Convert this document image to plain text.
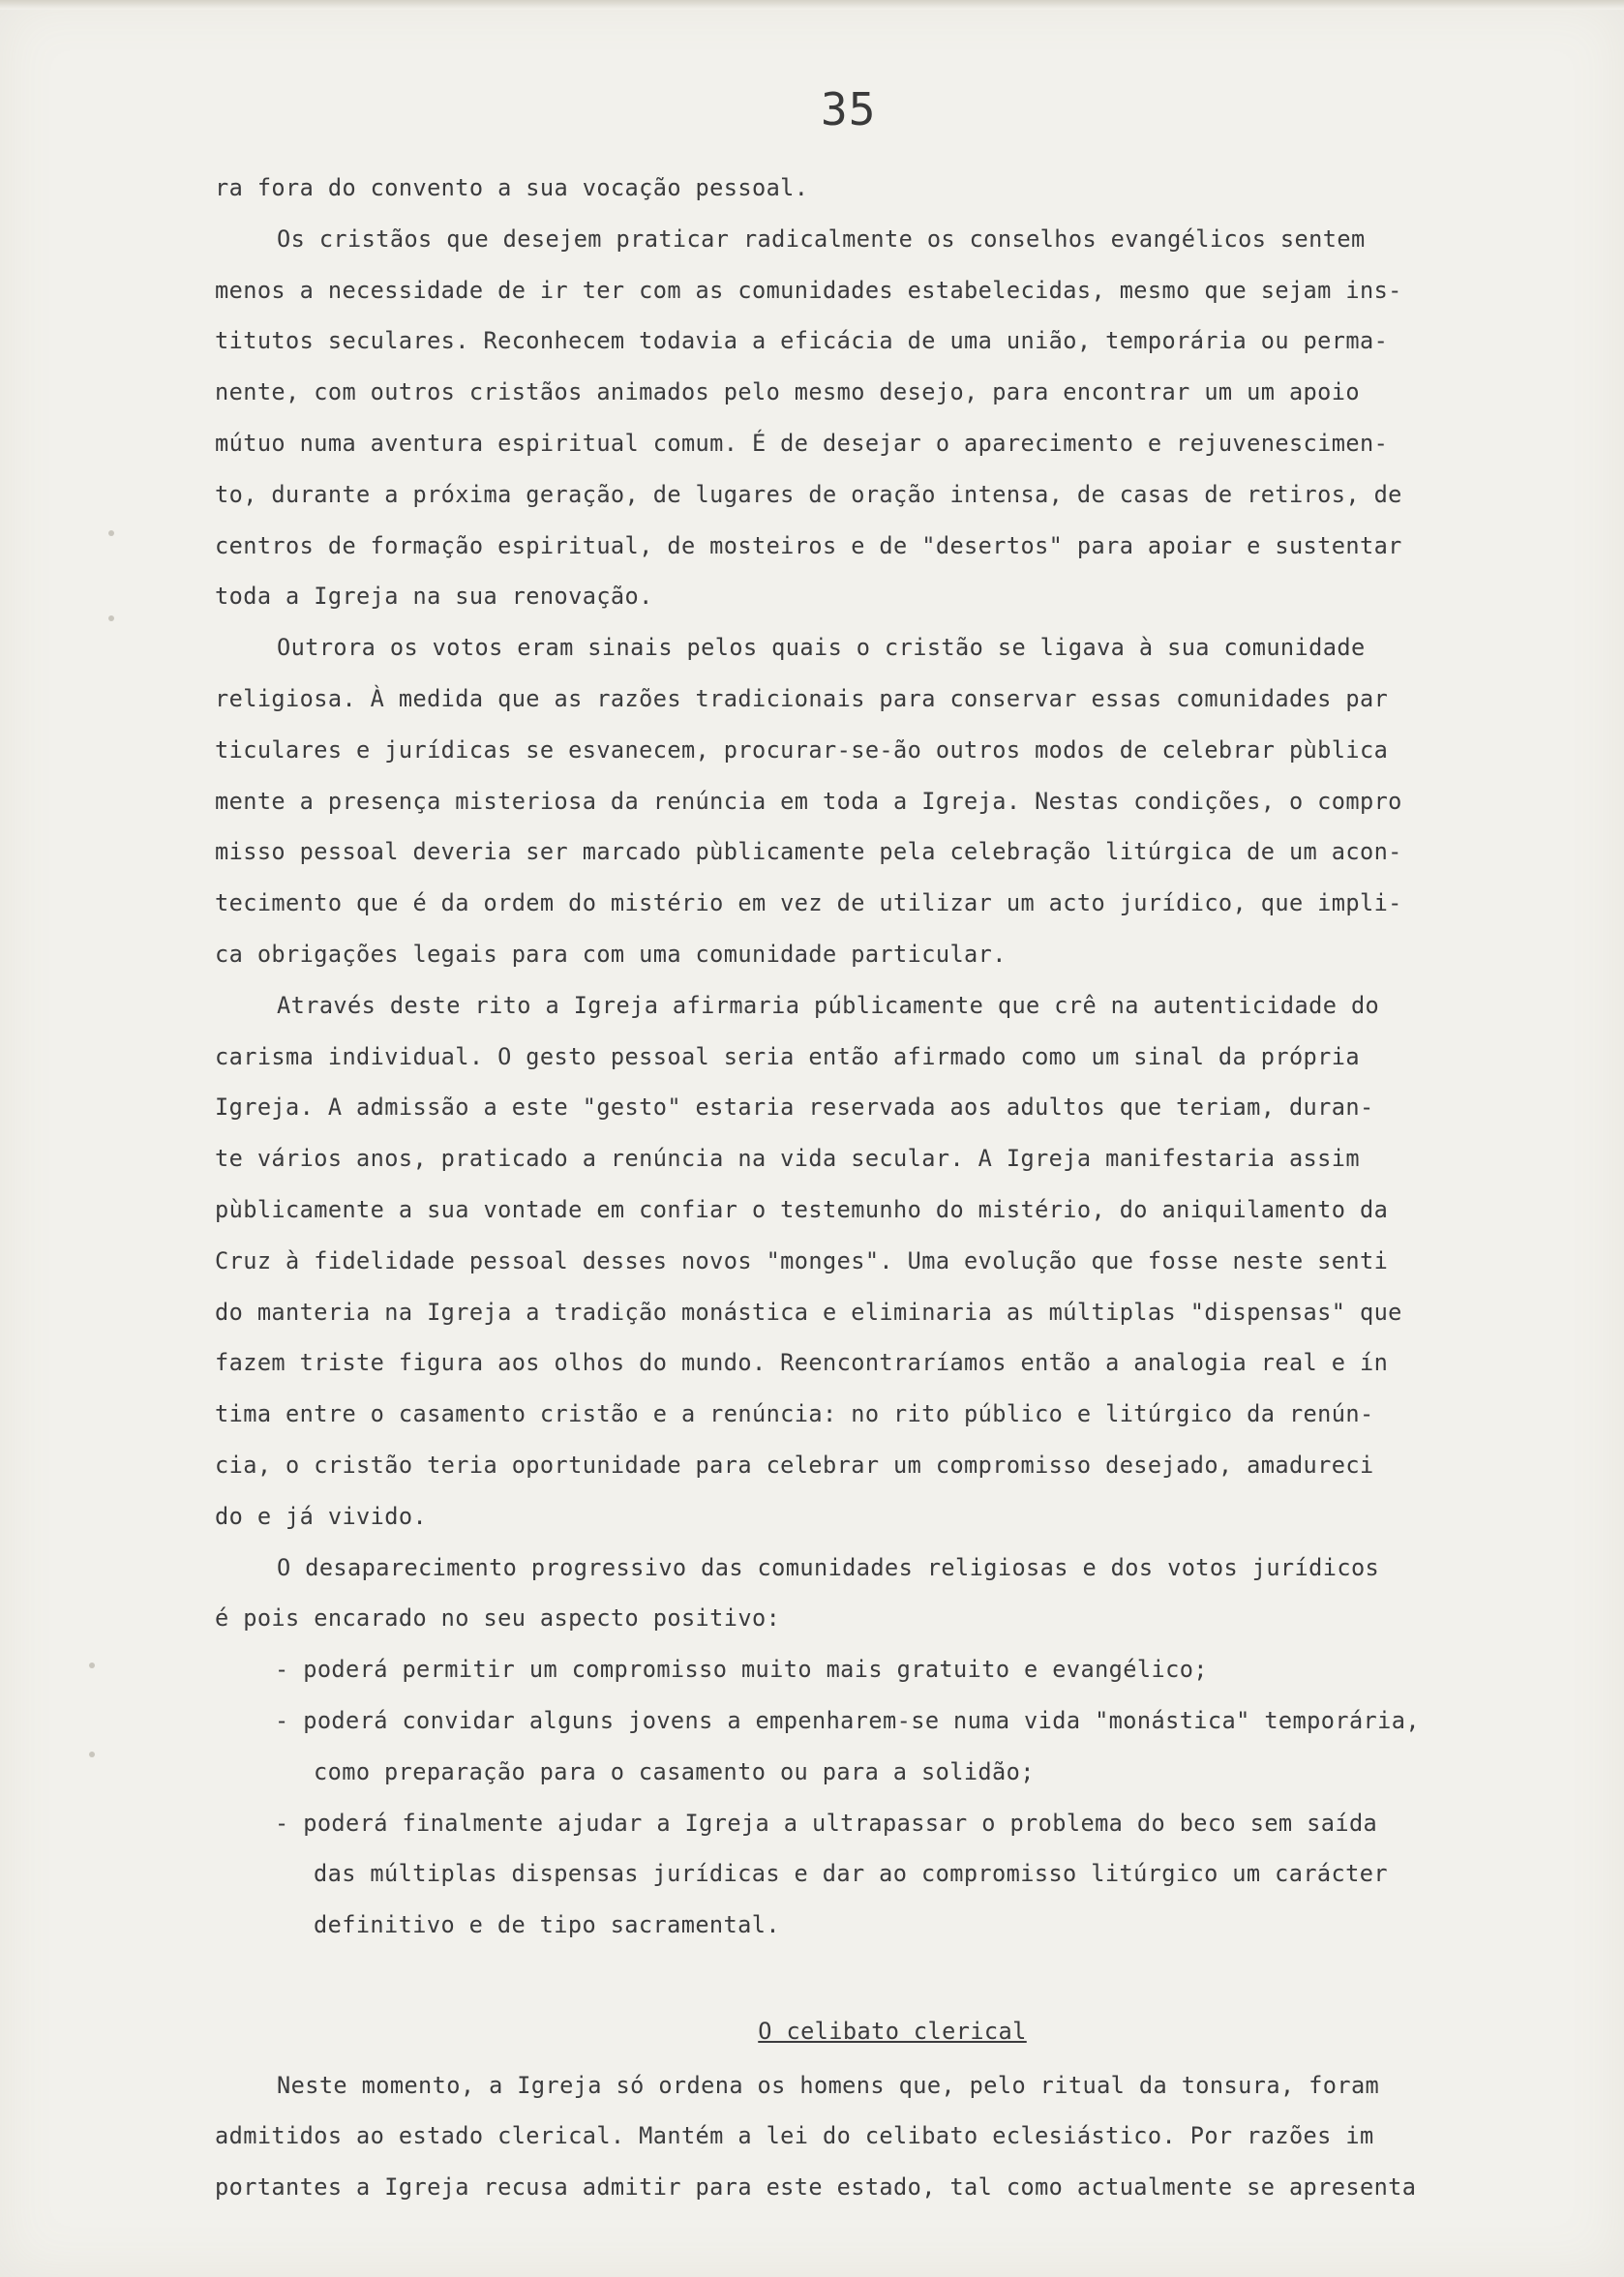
35
ra fora do convento a sua vocação pessoal.
Os cristãos que desejem praticar radicalmente os conselhos evangélicos sentem
menos a necessidade de ir ter com as comunidades estabelecidas, mesmo que sejam ins-
titutos seculares. Reconhecem todavia a eficácia de uma união, temporária ou perma-
nente, com outros cristãos animados pelo mesmo desejo, para encontrar um um apoio
mútuo numa aventura espiritual comum. É de desejar o aparecimento e rejuvenescimen-
to, durante a próxima geração, de lugares de oração intensa, de casas de retiros, de
centros de formação espiritual, de mosteiros e de "desertos" para apoiar e sustentar
toda a Igreja na sua renovação.
Outrora os votos eram sinais pelos quais o cristão se ligava à sua comunidade
religiosa. À medida que as razões tradicionais para conservar essas comunidades par
ticulares e jurídicas se esvanecem, procurar-se-ão outros modos de celebrar pùblica
mente a presença misteriosa da renúncia em toda a Igreja. Nestas condições, o compro
misso pessoal deveria ser marcado pùblicamente pela celebração litúrgica de um acon-
tecimento que é da ordem do mistério em vez de utilizar um acto jurídico, que impli-
ca obrigações legais para com uma comunidade particular.
Através deste rito a Igreja afirmaria públicamente que crê na autenticidade do
carisma individual. O gesto pessoal seria então afirmado como um sinal da própria
Igreja. A admissão a este "gesto" estaria reservada aos adultos que teriam, duran-
te vários anos, praticado a renúncia na vida secular. A Igreja manifestaria assim
pùblicamente a sua vontade em confiar o testemunho do mistério, do aniquilamento da
Cruz à fidelidade pessoal desses novos "monges". Uma evolução que fosse neste senti
do manteria na Igreja a tradição monástica e eliminaria as múltiplas "dispensas" que
fazem triste figura aos olhos do mundo. Reencontraríamos então a analogia real e ín
tima entre o casamento cristão e a renúncia: no rito público e litúrgico da renún-
cia, o cristão teria oportunidade para celebrar um compromisso desejado, amadureci
do e já vivido.
O desaparecimento progressivo das comunidades religiosas e dos votos jurídicos
é pois encarado no seu aspecto positivo:
- poderá permitir um compromisso muito mais gratuito e evangélico;
- poderá convidar alguns jovens a empenharem-se numa vida "monástica" temporária,
como preparação para o casamento ou para a solidão;
- poderá finalmente ajudar a Igreja a ultrapassar o problema do beco sem saída
das múltiplas dispensas jurídicas e dar ao compromisso litúrgico um carácter
definitivo e de tipo sacramental.
O celibato clerical
Neste momento, a Igreja só ordena os homens que, pelo ritual da tonsura, foram
admitidos ao estado clerical. Mantém a lei do celibato eclesiástico. Por razões im
portantes a Igreja recusa admitir para este estado, tal como actualmente se apresenta
